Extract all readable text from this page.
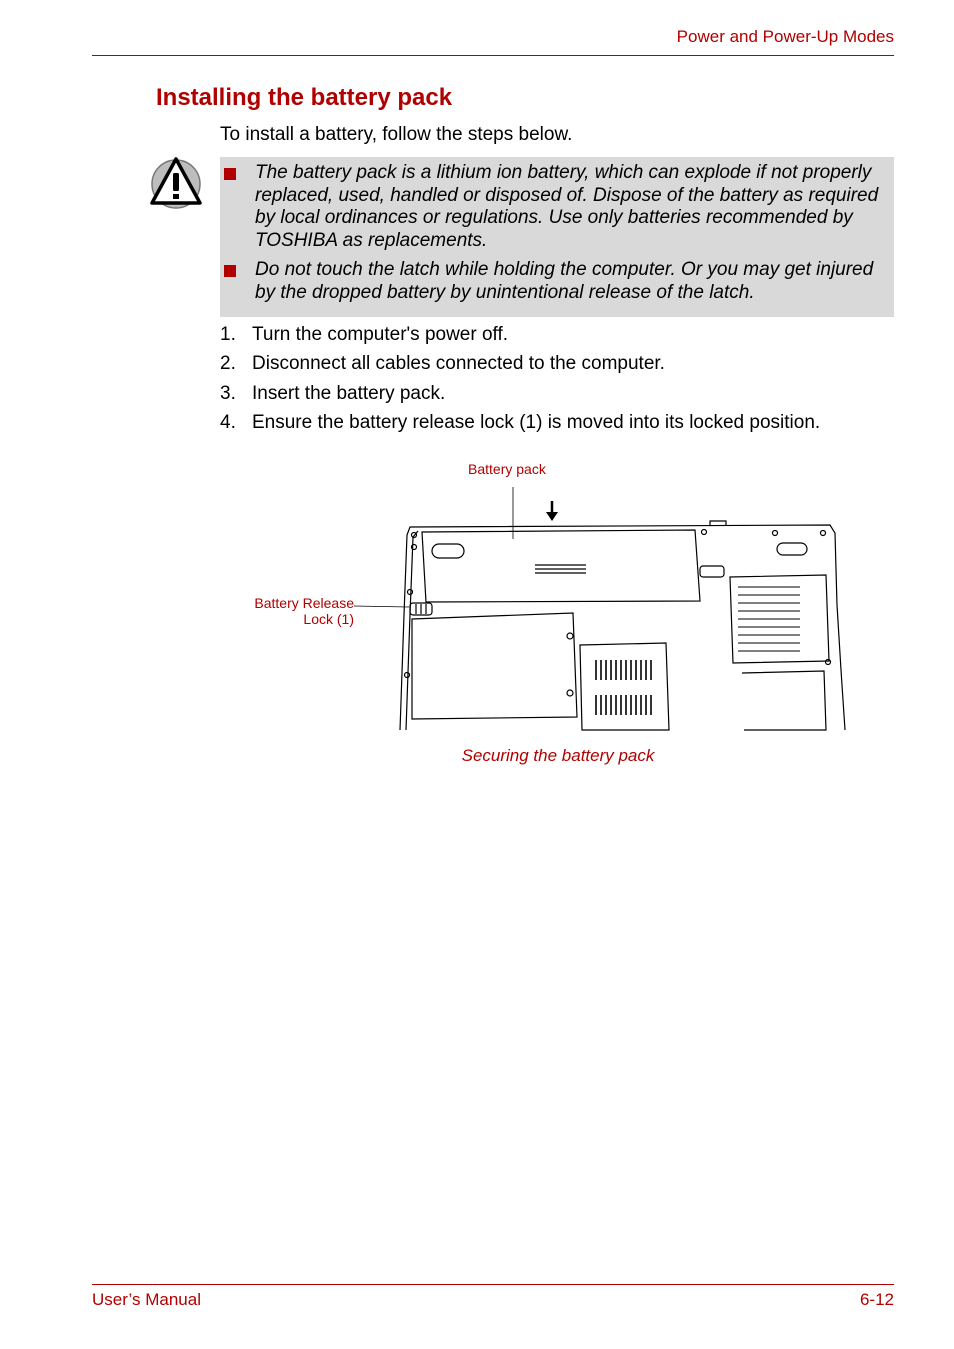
Power and Power-Up Modes
Installing the battery pack
To install a battery, follow the steps below.
The battery pack is a lithium ion battery, which can explode if not properly replaced, used, handled or disposed of. Dispose of the battery as required by local ordinances or regulations. Use only batteries recommended by TOSHIBA as replacements.
Do not touch the latch while holding the computer. Or you may get injured by the dropped battery by unintentional release of the latch.
1. Turn the computer's power off.
2. Disconnect all cables connected to the computer.
3. Insert the battery pack.
4. Ensure the battery release lock (1) is moved into its locked position.
Battery pack
Battery Release
Lock (1)
Securing the battery pack
User’s Manual	6-12
